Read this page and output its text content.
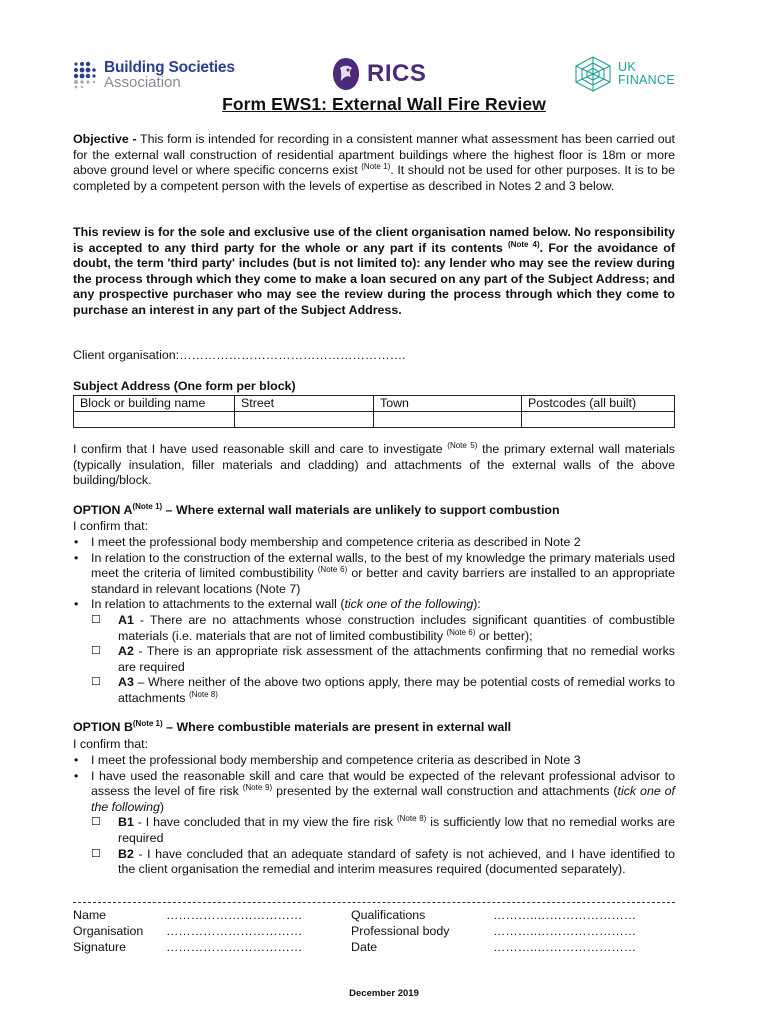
Building Societies
Association	RICS	UK
FINANCE
Form EWS1: External Wall Fire Review
Objective - This form is intended for recording in a consistent manner what assessment has been carried out for the external wall construction of residential apartment buildings where the highest floor is 18m or more above ground level or where specific concerns exist $^{(Note 1)}$. It should not be used for other purposes. It is to be completed by a competent person with the levels of expertise as described in Notes 2 and 3 below.
This review is for the sole and exclusive use of the client organisation named below. No responsibility is accepted to any third party for the whole or any part if its contents $^{(Note 4)}$. For the avoidance of doubt, the term 'third party' includes (but is not limited to): any lender who may see the review during the process through which they come to make a loan secured on any part of the Subject Address; and any prospective purchaser who may see the review during the process through which they come to purchase an interest in any part of the Subject Address.
Client organisation:……………………………………………….
Subject Address (One form per block)
Block or building name	Street	Town	Postcodes (all built)

I confirm that I have used reasonable skill and care to investigate $^{(Note 5)}$ the primary external wall materials (typically insulation, filler materials and cladding) and attachments of the external walls of the above building/block.
OPTION $A^{(Note 1)}$ – Where external wall materials are unlikely to support combustion
I confirm that:
• I meet the professional body membership and competence criteria as described in Note 2
• In relation to the construction of the external walls, to the best of my knowledge the primary materials used meet the criteria of limited combustibility $^{(Note 6)}$ or better and cavity barriers are installed to an appropriate standard in relevant locations (Note 7)
• In relation to attachments to the external wall (tick one of the following):
☐ A1 - There are no attachments whose construction includes significant quantities of combustible materials (i.e. materials that are not of limited combustibility $^{(Note 6)}$ or better);
☐ A2 - There is an appropriate risk assessment of the attachments confirming that no remedial works are required
☐ A3 – Where neither of the above two options apply, there may be potential costs of remedial works to attachments $^{(Note 8)}$
OPTION $B^{(Note 1)}$ – Where combustible materials are present in external wall
I confirm that:
• I meet the professional body membership and competence criteria as described in Note 3
• I have used the reasonable skill and care that would be expected of the relevant professional advisor to assess the level of fire risk $^{(Note 9)}$ presented by the external wall construction and attachments (tick one of the following)
☐ B1 - I have concluded that in my view the fire risk $^{(Note 8)}$ is sufficiently low that no remedial works are required
☐ B2 - I have concluded that an adequate standard of safety is not achieved, and I have identified to the client organisation the remedial and interim measures required (documented separately).
Name	……………………………	Qualifications	………..……………………
Organisation ……………………………	Professional body	………..……………………
Signature	……………………………	Date	………..……………………
December 2019
